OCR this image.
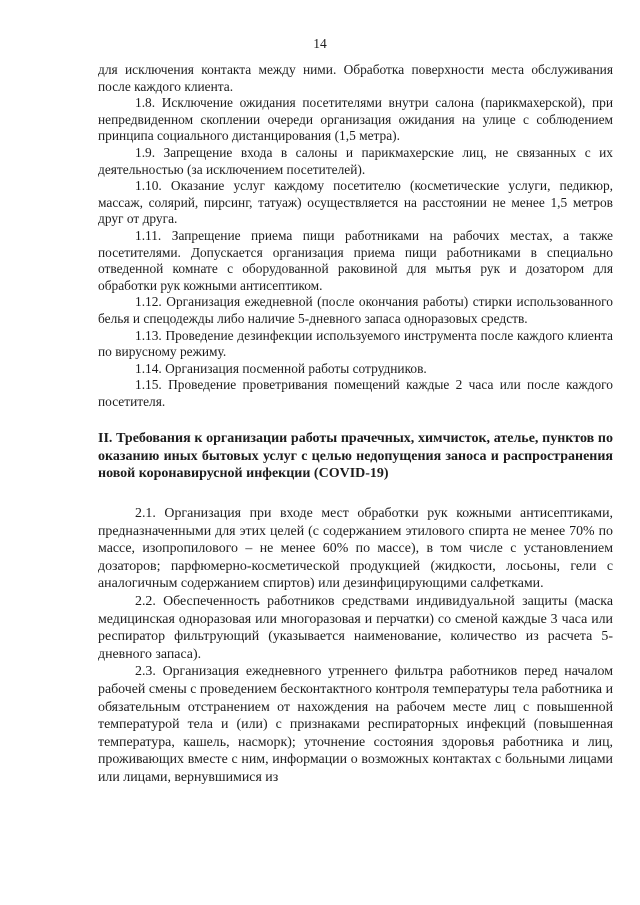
14

для исключения контакта между ними. Обработка поверхности места обслуживания после каждого клиента.

1.8. Исключение ожидания посетителями внутри салона (парикмахерской), при непредвиденном скоплении очереди организация ожидания на улице с соблюдением принципа социального дистанцирования (1,5 метра).

1.9. Запрещение входа в салоны и парикмахерские лиц, не связанных с их деятельностью (за исключением посетителей).

1.10. Оказание услуг каждому посетителю (косметические услуги, педикюр, массаж, солярий, пирсинг, татуаж) осуществляется на расстоянии не менее 1,5 метров друг от друга.

1.11. Запрещение приема пищи работниками на рабочих местах, а также посетителями. Допускается организация приема пищи работниками в специально отведенной комнате с оборудованной раковиной для мытья рук и дозатором для обработки рук кожными антисептиком.

1.12. Организация ежедневной (после окончания работы) стирки использованного белья и спецодежды либо наличие 5-дневного запаса одноразовых средств.

1.13. Проведение дезинфекции используемого инструмента после каждого клиента по вирусному режиму.

1.14. Организация посменной работы сотрудников.

1.15. Проведение проветривания помещений каждые 2 часа или после каждого посетителя.

II. Требования к организации работы прачечных, химчисток, ателье, пунктов по оказанию иных бытовых услуг с целью недопущения заноса и распространения новой коронавирусной инфекции (COVID-19)

2.1. Организация при входе мест обработки рук кожными антисептиками, предназначенными для этих целей (с содержанием этилового спирта не менее 70% по массе, изопропилового – не менее 60% по массе), в том числе с установлением дозаторов; парфюмерно-косметической продукцией (жидкости, лосьоны, гели с аналогичным содержанием спиртов) или дезинфицирующими салфетками.

2.2. Обеспеченность работников средствами индивидуальной защиты (маска медицинская одноразовая или многоразовая и перчатки) со сменой каждые 3 часа или респиратор фильтрующий (указывается наименование, количество из расчета 5-дневного запаса).

2.3. Организация ежедневного утреннего фильтра работников перед началом рабочей смены с проведением бесконтактного контроля температуры тела работника и обязательным отстранением от нахождения на рабочем месте лиц с повышенной температурой тела и (или) с признаками респираторных инфекций (повышенная температура, кашель, насморк); уточнение состояния здоровья работника и лиц, проживающих вместе с ним, информации о возможных контактах с больными лицами или лицами, вернувшимися из
